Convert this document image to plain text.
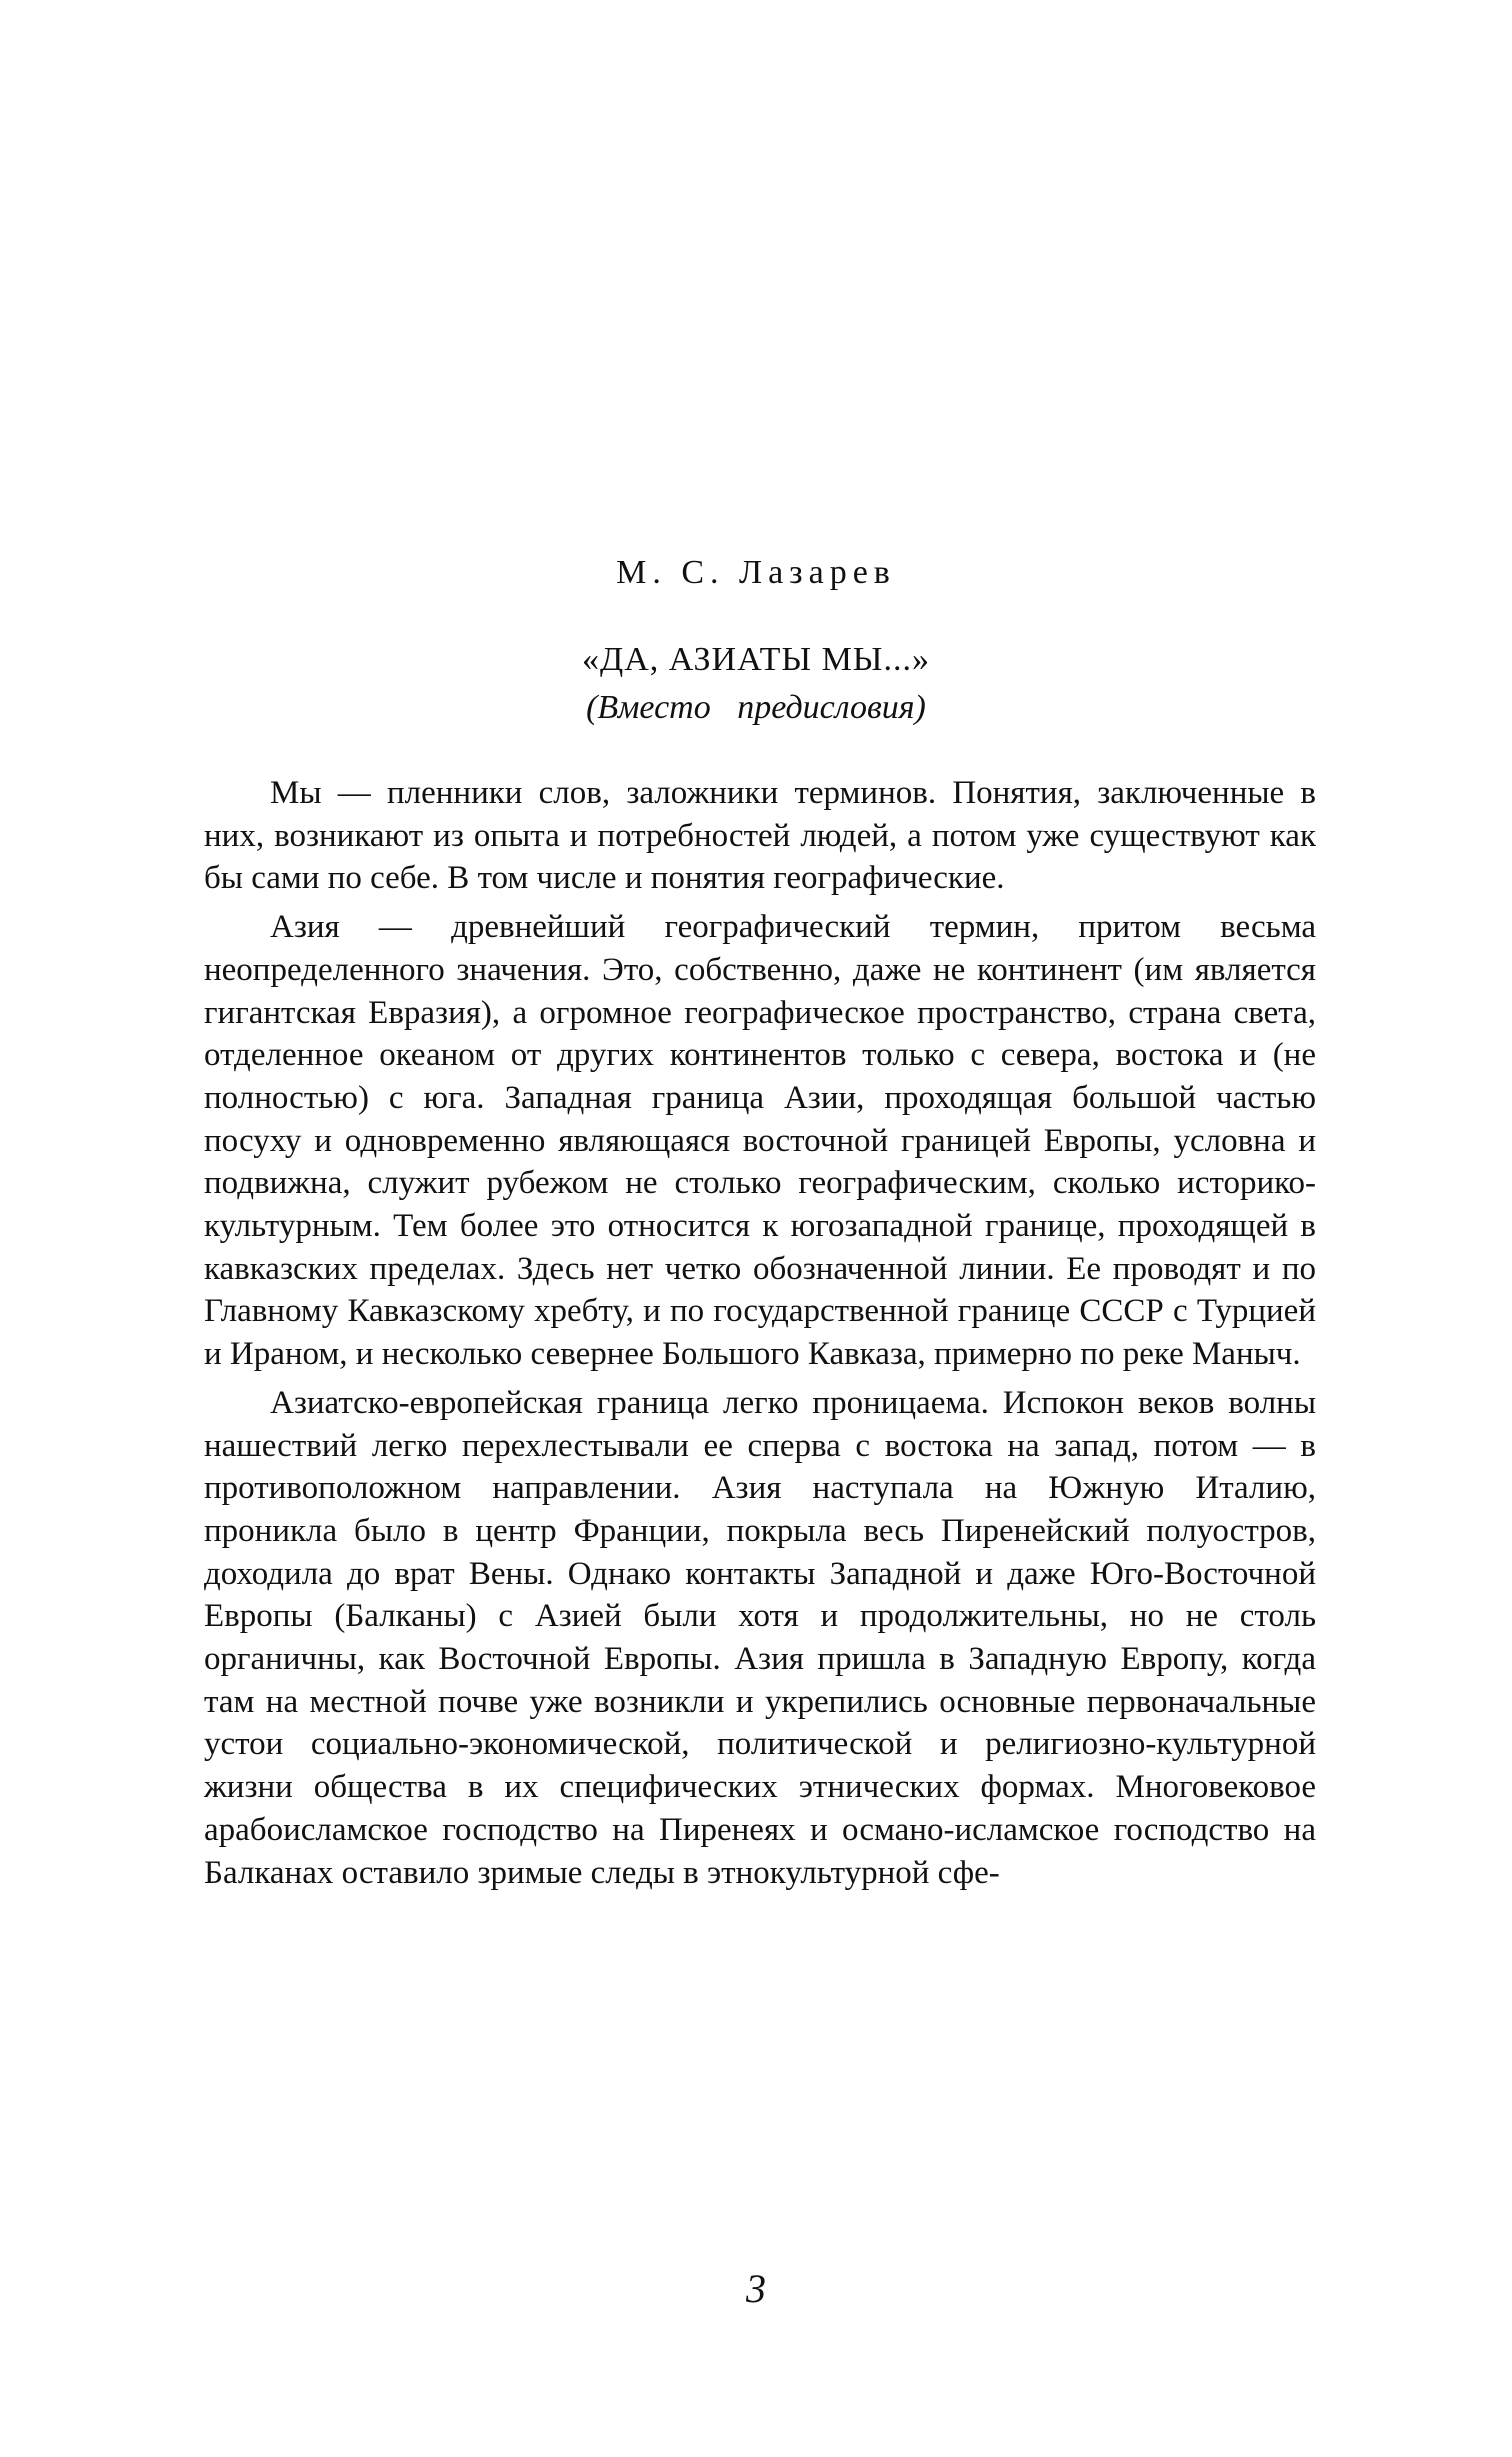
М. С. Лазарев
«ДА, АЗИАТЫ МЫ...»
(Вместо предисловия)

Мы — пленники слов, заложники терминов. Понятия, заключенные в них, возникают из опыта и потребностей людей, а потом уже существуют как бы сами по себе. В том числе и понятия географические.

Азия — древнейший географический термин, притом весьма неопределенного значения. Это, собственно, даже не континент (им является гигантская Евразия), а огромное географическое пространство, страна света, отделенное океаном от других континентов только с севера, востока и (не полностью) с юга. Западная граница Азии, проходящая большой частью посуху и одновременно являющаяся восточной границей Европы, условна и подвижна, служит рубежом не столько географическим, сколько историко-культурным. Тем более это относится к югозападной границе, проходящей в кавказских пределах. Здесь нет четко обозначенной линии. Ее проводят и по Главному Кавказскому хребту, и по государственной границе СССР с Турцией и Ираном, и несколько севернее Большого Кавказа, примерно по реке Маныч.

Азиатско-европейская граница легко проницаема. Испокон веков волны нашествий легко перехлестывали ее сперва с востока на запад, потом — в противоположном направлении. Азия наступала на Южную Италию, проникла было в центр Франции, покрыла весь Пиренейский полуостров, доходила до врат Вены. Однако контакты Западной и даже Юго-Восточной Европы (Балканы) с Азией были хотя и продолжительны, но не столь органичны, как Восточной Европы. Азия пришла в Западную Европу, когда там на местной почве уже возникли и укрепились основные первоначальные устои социально-экономической, политической и религиозно-культурной жизни общества в их специфических этнических формах. Многовековое арабоисламское господство на Пиренеях и османо-исламское господство на Балканах оставило зримые следы в этнокультурной сфе-

3
